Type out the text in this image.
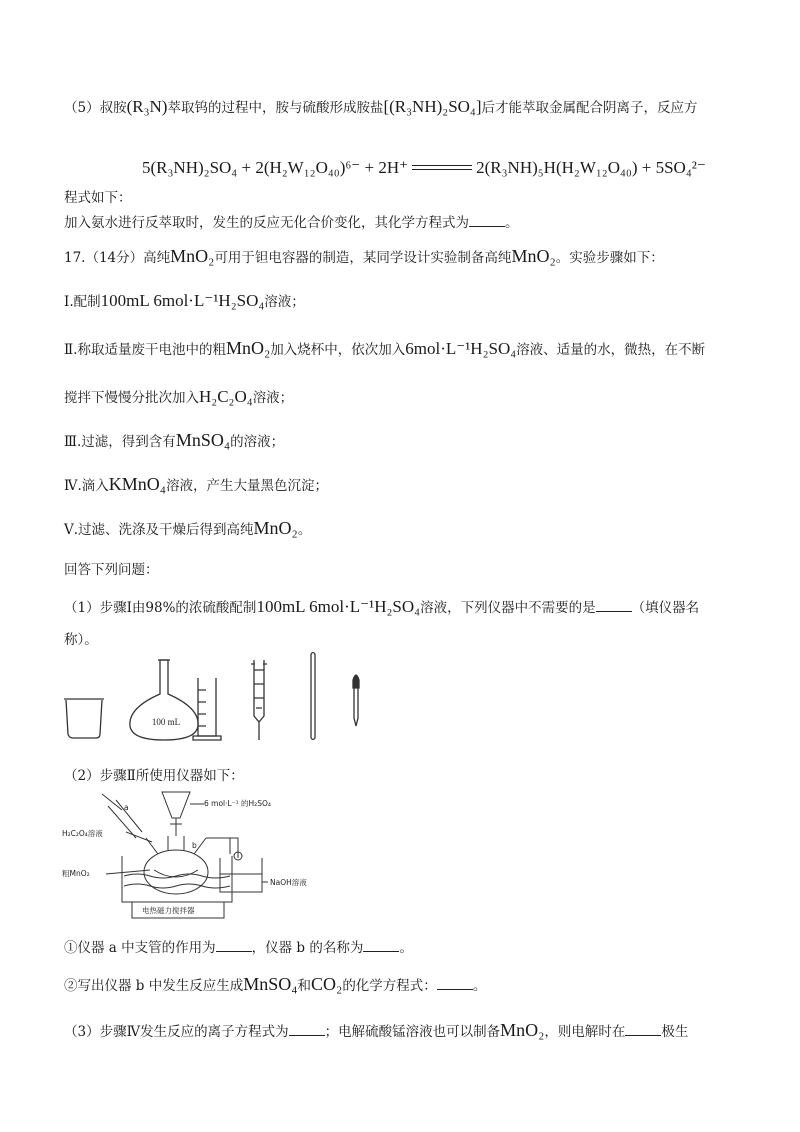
（5）叔胺(R₃N)萃取钨的过程中，胺与硫酸形成胺盐[(R₃NH)₂SO₄]后才能萃取金属配合阴离子，反应方
5(R₃NH)₂SO₄ + 2(H₂W₁₂O₄₀)⁶⁻ + 2H⁺	2(R₃NH)₅H(H₂W₁₂O₄₀) + 5SO₄²⁻
程式如下：
加入氨水进行反萃取时，发生的反应无化合价变化，其化学方程式为	。
17.（14分）高纯MnO₂可用于钽电容器的制造，某同学设计实验制备高纯MnO₂。实验步骤如下：
Ⅰ.配制100mL 6mol·L⁻¹H₂SO₄溶液；
Ⅱ.称取适量废干电池中的粗MnO₂加入烧杯中，依次加入6mol·L⁻¹H₂SO₄溶液、适量的水，微热，在不断
搅拌下慢慢分批次加入H₂C₂O₄溶液；
Ⅲ.过滤，得到含有MnSO₄的溶液；
Ⅳ.滴入KMnO₄溶液，产生大量黑色沉淀；
Ⅴ.过滤、洗涤及干燥后得到高纯MnO₂。
回答下列问题：
（1）步骤Ⅰ由98%的浓硫酸配制100mL 6mol·L⁻¹H₂SO₄溶液，下列仪器中不需要的是	（填仪器名
称）。
100 mL
（2）步骤Ⅱ所使用仪器如下：
6 mol·L⁻¹ 的H₂SO₄
a
b
H₂C₂O₄溶液
粗MnO₂
NaOH溶液
电热磁力搅拌器
①仪器 a 中支管的作用为	，仪器 b 的名称为	。
②写出仪器 b 中发生反应生成MnSO₄和CO₂的化学方程式：	。
（3）步骤Ⅳ发生反应的离子方程式为	；电解硫酸锰溶液也可以制备MnO₂，则电解时在	极生
